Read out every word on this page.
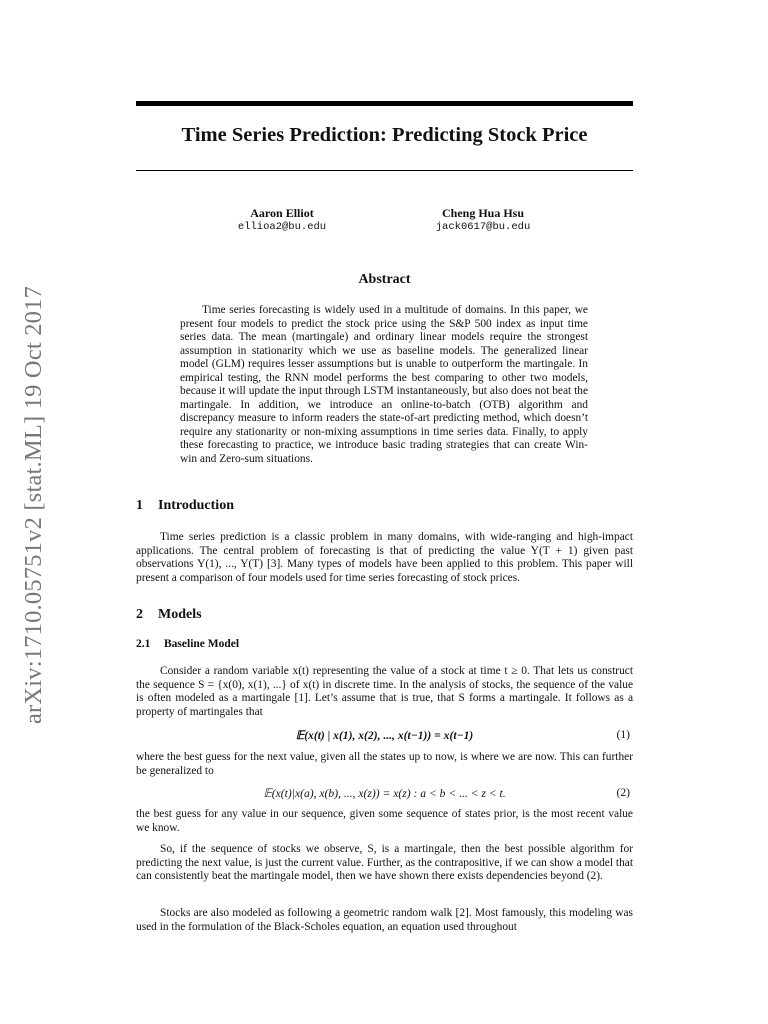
arXiv:1710.05751v2 [stat.ML] 19 Oct 2017
Time Series Prediction: Predicting Stock Price
Aaron Elliot
ellioa2@bu.edu
Cheng Hua Hsu
jack0617@bu.edu
Abstract

Time series forecasting is widely used in a multitude of domains. In this paper, we present four models to predict the stock price using the S&P 500 index as input time series data. The mean (martingale) and ordinary linear models require the strongest assumption in stationarity which we use as baseline models. The generalized linear model (GLM) requires lesser assumptions but is unable to outperform the martingale. In empirical testing, the RNN model performs the best comparing to other two models, because it will update the input through LSTM instantaneously, but also does not beat the martingale. In addition, we introduce an online-to-batch (OTB) algorithm and discrepancy measure to inform readers the state-of-art predicting method, which doesn’t require any stationarity or non-mixing assumptions in time series data. Finally, to apply these forecasting to practice, we introduce basic trading strategies that can create Win-win and Zero-sum situations.

1 Introduction

Time series prediction is a classic problem in many domains, with wide-ranging and high-impact applications. The central problem of forecasting is that of predicting the value Y(T + 1) given past observations Y(1), ..., Y(T) [3]. Many types of models have been applied to this problem. This paper will present a comparison of four models used for time series forecasting of stock prices.

2 Models
2.1 Baseline Model

Consider a random variable x(t) representing the value of a stock at time t ≥ 0. That lets us construct the sequence S = {x(0), x(1), ...} of x(t) in discrete time. In the analysis of stocks, the sequence of the value is often modeled as a martingale [1]. Let’s assume that is true, that S forms a martingale. It follows as a property of martingales that

𝔼(x(t) | x(1), x(2), ..., x(t−1)) = x(t−1)	(1)

where the best guess for the next value, given all the states up to now, is where we are now. This can further be generalized to

𝔼(x(t)|x(a), x(b), ..., x(z)) = x(z) : a < b < ... < z < t.	(2)

the best guess for any value in our sequence, given some sequence of states prior, is the most recent value we know.

So, if the sequence of stocks we observe, S, is a martingale, then the best possible algorithm for predicting the next value, is just the current value. Further, as the contrapositive, if we can show a model that can consistently beat the martingale model, then we have shown there exists dependencies beyond (2).

Stocks are also modeled as following a geometric random walk [2]. Most famously, this modeling was used in the formulation of the Black-Scholes equation, an equation used throughout
